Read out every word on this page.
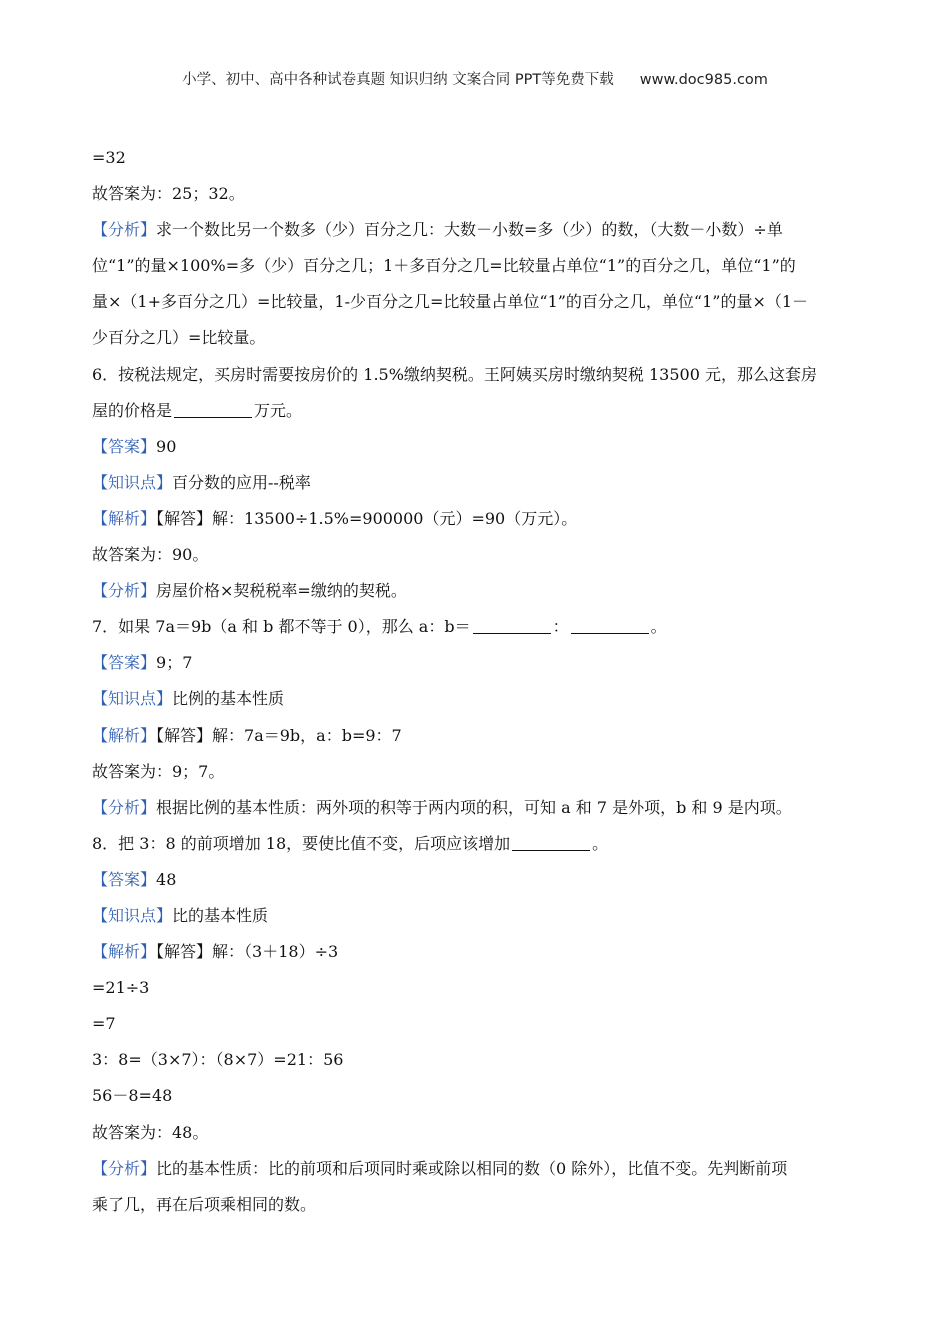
小学、初中、高中各种试卷真题 知识归纳 文案合同 PPT等免费下载 www.doc985.com
=32
故答案为：25；32。
【分析】求一个数比另一个数多（少）百分之几：大数－小数=多（少）的数，（大数－小数）÷单
位“1”的量×100%=多（少）百分之几；1＋多百分之几=比较量占单位“1”的百分之几，单位“1”的
量×（1+多百分之几）=比较量，1-少百分之几=比较量占单位“1”的百分之几，单位“1”的量×（1－
少百分之几）=比较量。
6．按税法规定，买房时需要按房价的 1.5%缴纳契税。王阿姨买房时缴纳契税 13500 元，那么这套房
屋的价格是	万元。
【答案】90
【知识点】百分数的应用--税率
【解析】【解答】解：13500÷1.5%=900000（元）=90（万元）。
故答案为：90。
【分析】房屋价格×契税税率=缴纳的契税。
7．如果 7a＝9b（a 和 b 都不等于 0），那么 a：b＝	：	。
【答案】9；7
【知识点】比例的基本性质
【解析】【解答】解：7a＝9b，a：b=9：7
故答案为：9；7。
【分析】根据比例的基本性质：两外项的积等于两内项的积，可知 a 和 7 是外项，b 和 9 是内项。
8．把 3：8 的前项增加 18，要使比值不变，后项应该增加	。
【答案】48
【知识点】比的基本性质
【解析】【解答】解：（3＋18）÷3
=21÷3
=7
3：8=（3×7）：（8×7）=21：56
56－8=48
故答案为：48。
【分析】比的基本性质：比的前项和后项同时乘或除以相同的数（0 除外），比值不变。先判断前项
乘了几，再在后项乘相同的数。
